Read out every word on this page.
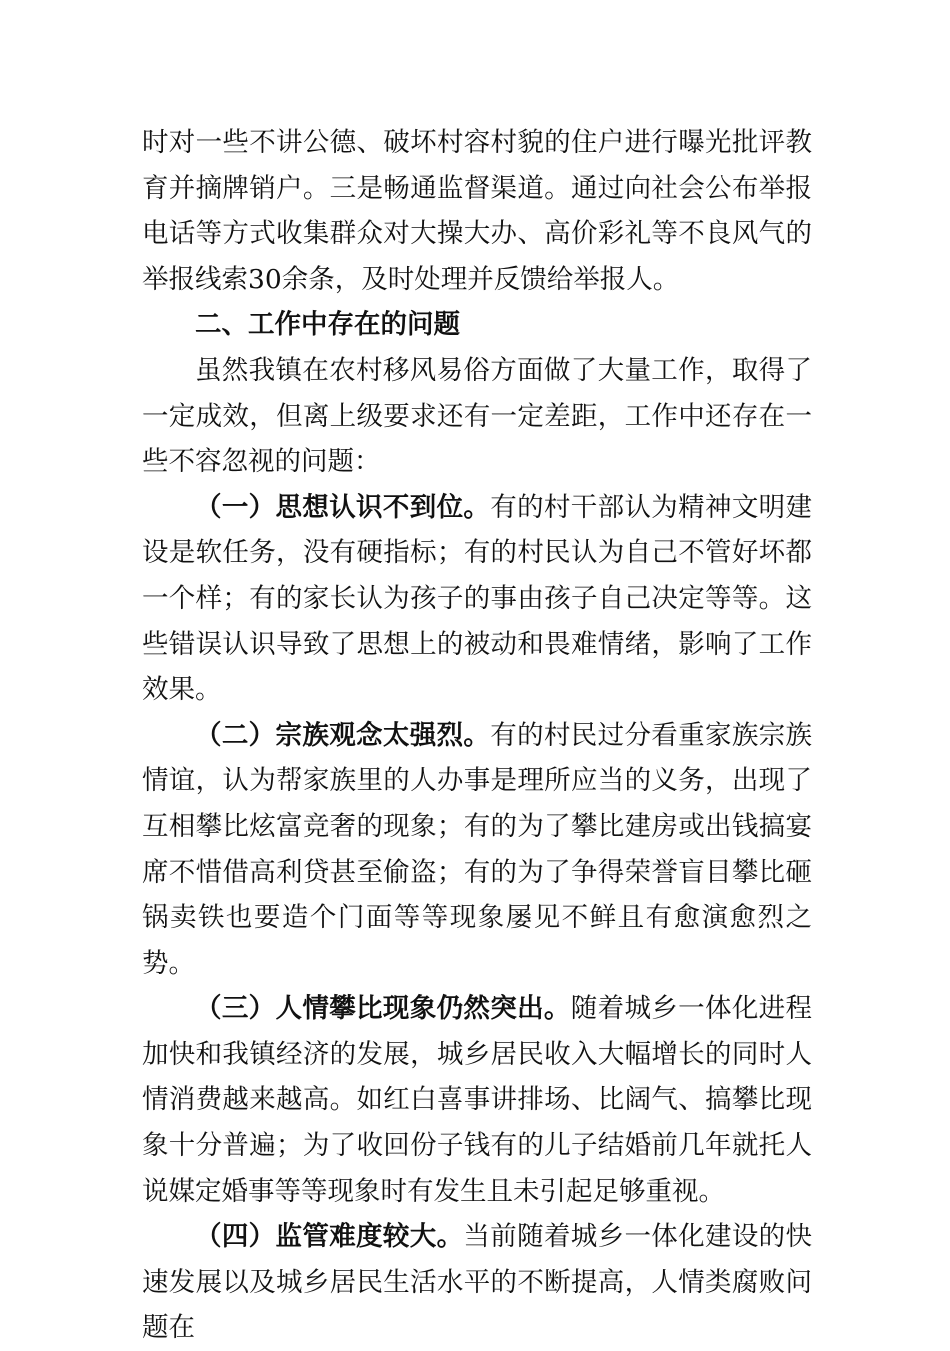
时对一些不讲公德、破坏村容村貌的住户进行曝光批评教育并摘牌销户。三是畅通监督渠道。通过向社会公布举报电话等方式收集群众对大操大办、高价彩礼等不良风气的举报线索30余条，及时处理并反馈给举报人。

二、工作中存在的问题

虽然我镇在农村移风易俗方面做了大量工作，取得了一定成效，但离上级要求还有一定差距，工作中还存在一些不容忽视的问题：

（一）思想认识不到位。有的村干部认为精神文明建设是软任务，没有硬指标；有的村民认为自己不管好坏都一个样；有的家长认为孩子的事由孩子自己决定等等。这些错误认识导致了思想上的被动和畏难情绪，影响了工作效果。

（二）宗族观念太强烈。有的村民过分看重家族宗族情谊，认为帮家族里的人办事是理所应当的义务，出现了互相攀比炫富竞奢的现象；有的为了攀比建房或出钱搞宴席不惜借高利贷甚至偷盗；有的为了争得荣誉盲目攀比砸锅卖铁也要造个门面等等现象屡见不鲜且有愈演愈烈之势。

（三）人情攀比现象仍然突出。随着城乡一体化进程加快和我镇经济的发展，城乡居民收入大幅增长的同时人情消费越来越高。如红白喜事讲排场、比阔气、搞攀比现象十分普遍；为了收回份子钱有的儿子结婚前几年就托人说媒定婚事等等现象时有发生且未引起足够重视。

（四）监管难度较大。当前随着城乡一体化建设的快速发展以及城乡居民生活水平的不断提高，人情类腐败问题在
